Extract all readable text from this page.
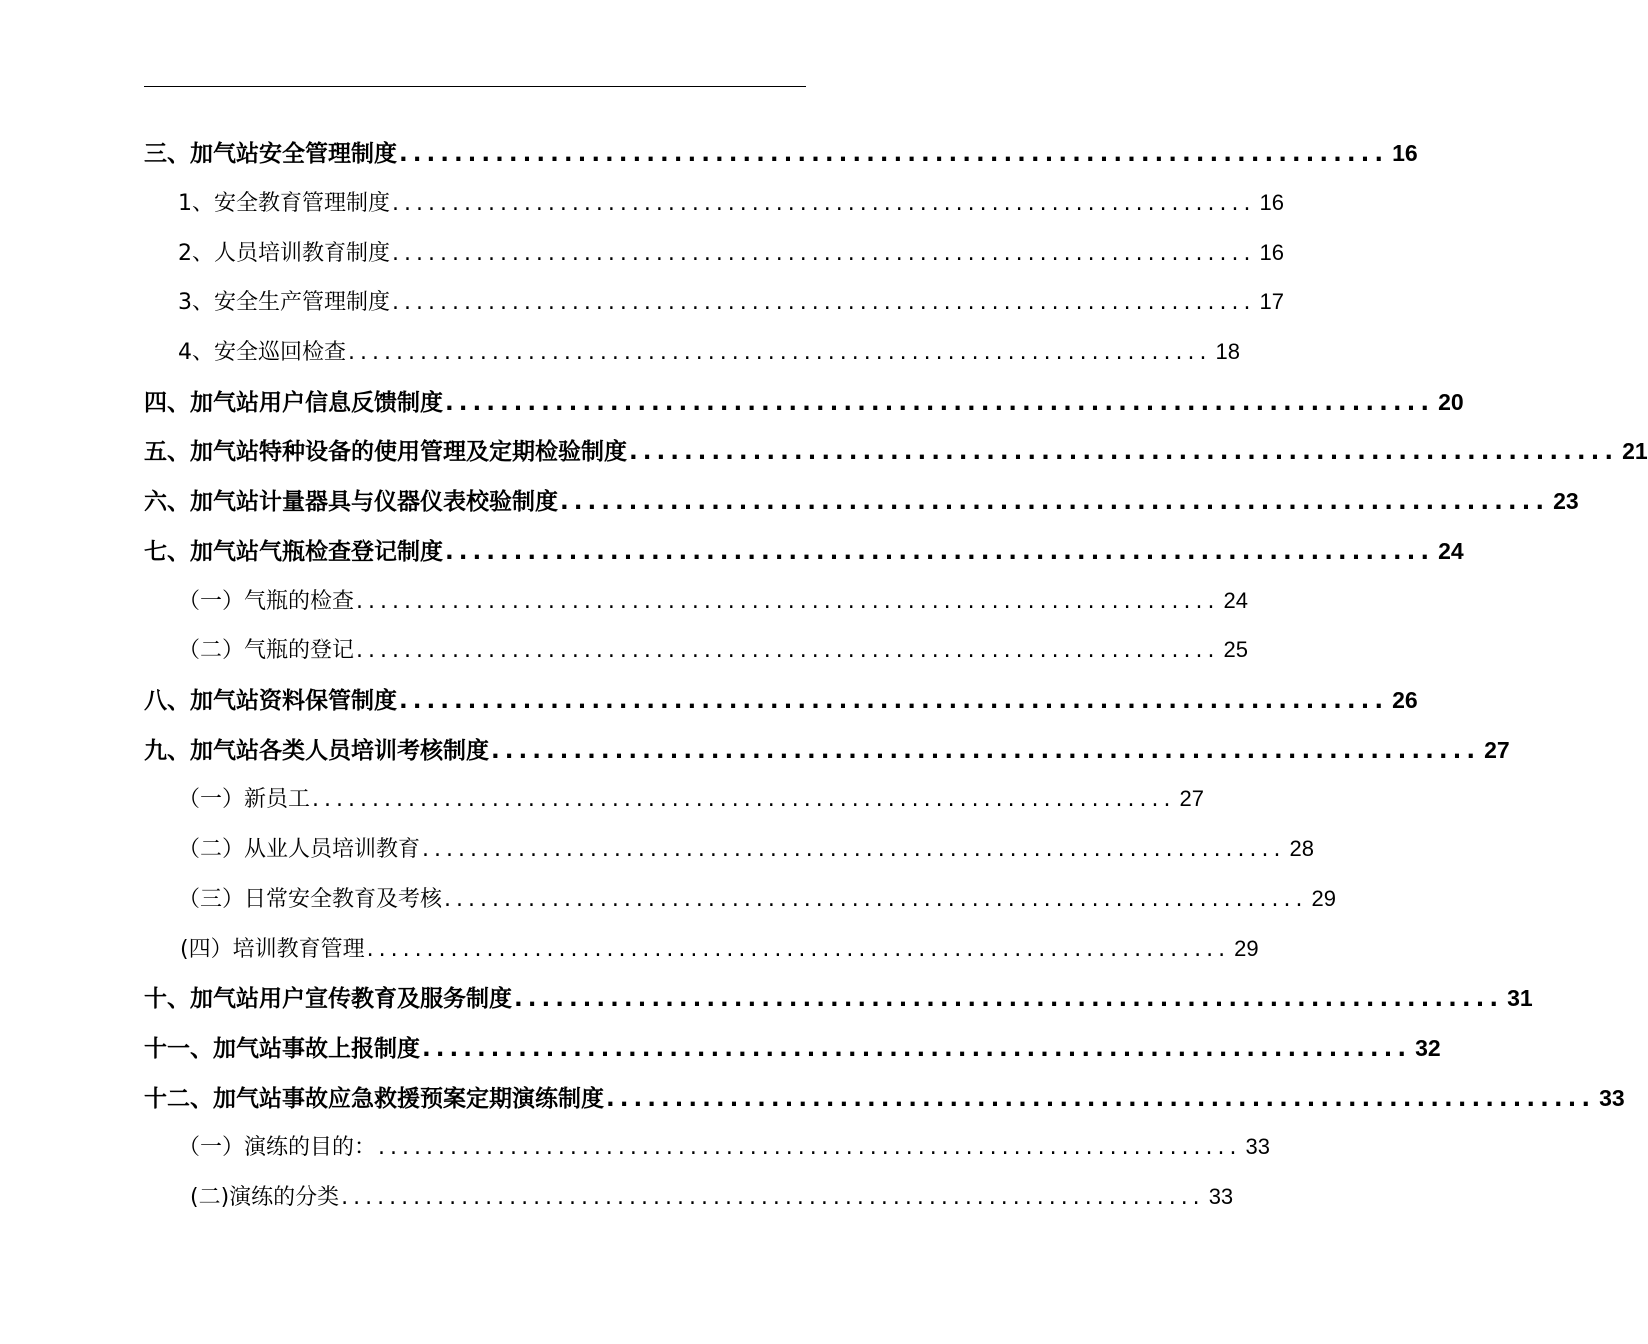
三、加气站安全管理制度 ........................................................................ 16
1、安全教育管理制度 ........................................................................ 16
2、人员培训教育制度 ........................................................................ 16
3、安全生产管理制度 ........................................................................ 17
4、安全巡回检查 ........................................................................ 18
四、加气站用户信息反馈制度 ........................................................................ 20
五、加气站特种设备的使用管理及定期检验制度 ........................................................................ 21
六、加气站计量器具与仪器仪表校验制度 ........................................................................ 23
七、加气站气瓶检查登记制度 ........................................................................ 24
（一）气瓶的检查 ........................................................................ 24
（二）气瓶的登记 ........................................................................ 25
八、加气站资料保管制度 ........................................................................ 26
九、加气站各类人员培训考核制度 ........................................................................ 27
（一）新员工 ........................................................................ 27
（二）从业人员培训教育 ........................................................................ 28
（三）日常安全教育及考核 ........................................................................ 29
(四）培训教育管理 ........................................................................ 29
十、加气站用户宣传教育及服务制度 ........................................................................ 31
十一、加气站事故上报制度 ........................................................................ 32
十二、加气站事故应急救援预案定期演练制度 ........................................................................ 33
（一）演练的目的： ........................................................................ 33
(二)演练的分类 ........................................................................ 33
